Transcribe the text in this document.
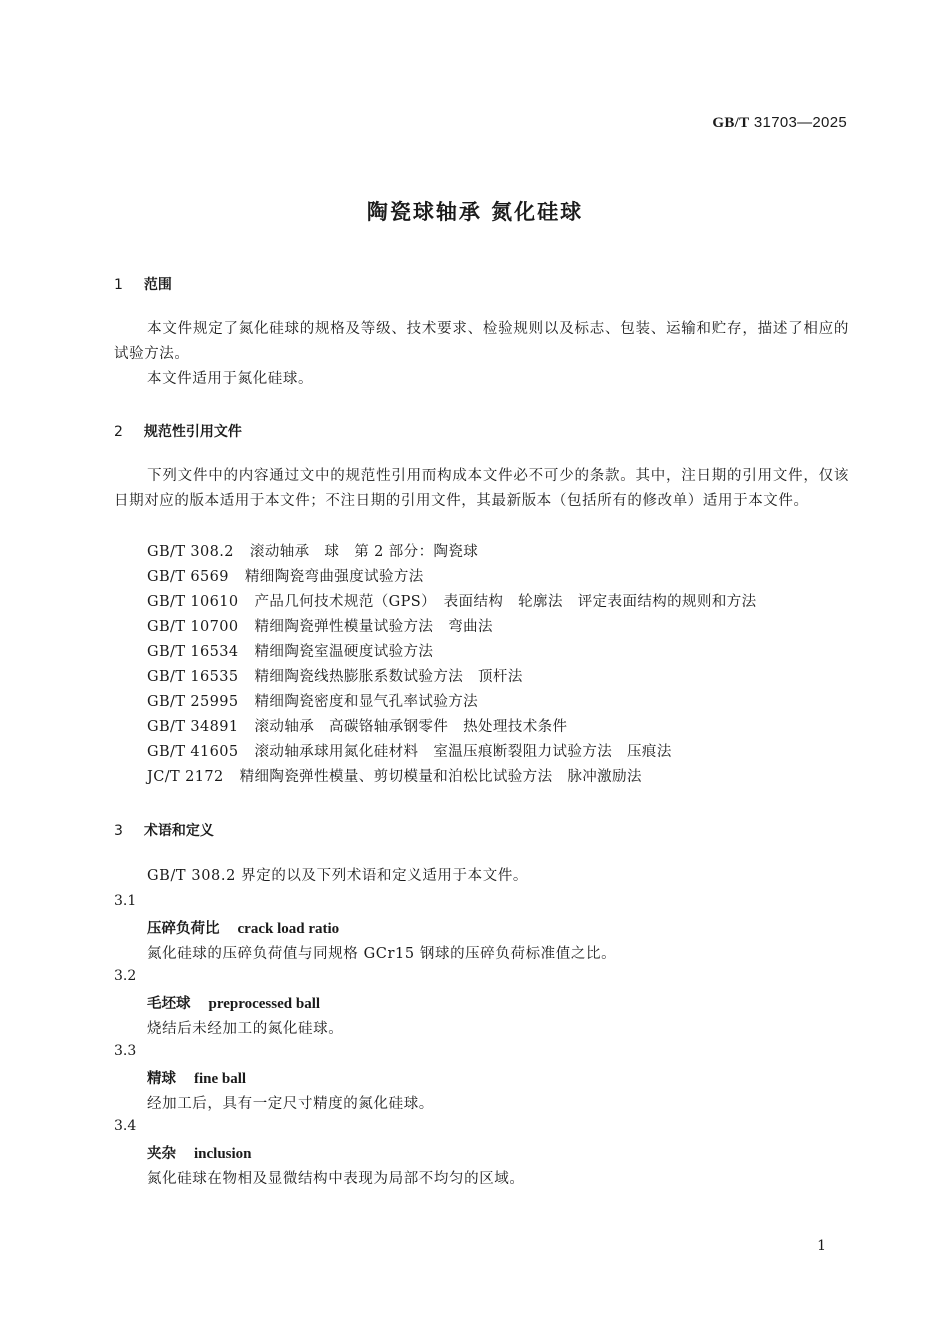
GB/T 31703—2025
陶瓷球轴承 氮化硅球
1 范围
本文件规定了氮化硅球的规格及等级、技术要求、检验规则以及标志、包装、运输和贮存，描述了相应的试验方法。
本文件适用于氮化硅球。
2 规范性引用文件
下列文件中的内容通过文中的规范性引用而构成本文件必不可少的条款。其中，注日期的引用文件，仅该日期对应的版本适用于本文件；不注日期的引用文件，其最新版本（包括所有的修改单）适用于本文件。
GB/T 308.2 滚动轴承　球　第 2 部分：陶瓷球
GB/T 6569 精细陶瓷弯曲强度试验方法
GB/T 10610 产品几何技术规范（GPS）　表面结构　轮廓法　评定表面结构的规则和方法
GB/T 10700 精细陶瓷弹性模量试验方法　弯曲法
GB/T 16534 精细陶瓷室温硬度试验方法
GB/T 16535 精细陶瓷线热膨胀系数试验方法　顶杆法
GB/T 25995 精细陶瓷密度和显气孔率试验方法
GB/T 34891 滚动轴承　高碳铬轴承钢零件　热处理技术条件
GB/T 41605 滚动轴承球用氮化硅材料　室温压痕断裂阻力试验方法　压痕法
JC/T 2172 精细陶瓷弹性模量、剪切模量和泊松比试验方法　脉冲激励法
3 术语和定义
GB/T 308.2 界定的以及下列术语和定义适用于本文件。
3.1
压碎负荷比 crack load ratio
氮化硅球的压碎负荷值与同规格 GCr15 钢球的压碎负荷标准值之比。
3.2
毛坯球 preprocessed ball
烧结后未经加工的氮化硅球。
3.3
精球 fine ball
经加工后，具有一定尺寸精度的氮化硅球。
3.4
夹杂 inclusion
氮化硅球在物相及显微结构中表现为局部不均匀的区域。
1
